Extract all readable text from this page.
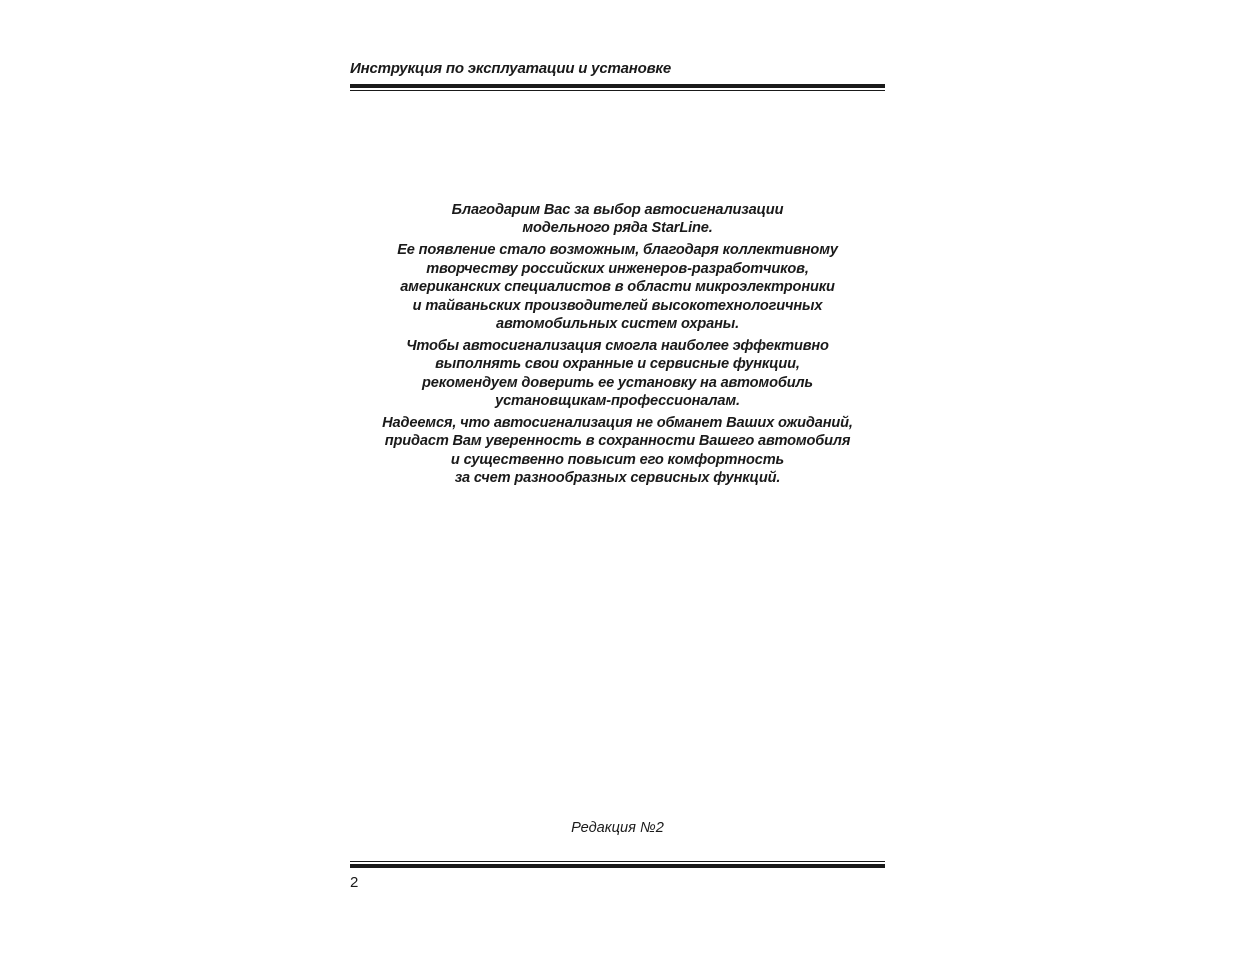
Инструкция по эксплуатации и установке

Благодарим Вас за выбор автосигнализации
модельного ряда StarLine.

Ее появление стало возможным, благодаря коллективному
творчеству российских инженеров-разработчиков,
американских специалистов в области микроэлектроники
и тайваньских производителей высокотехнологичных
автомобильных систем охраны.

Чтобы автосигнализация смогла наиболее эффективно
выполнять свои охранные и сервисные функции,
рекомендуем доверить ее установку на автомобиль
установщикам-профессионалам.

Надеемся, что автосигнализация не обманет Ваших ожиданий,
придаст Вам уверенность в сохранности Вашего автомобиля
и существенно повысит его комфортность
за счет разнообразных сервисных функций.

Редакция №2
2
